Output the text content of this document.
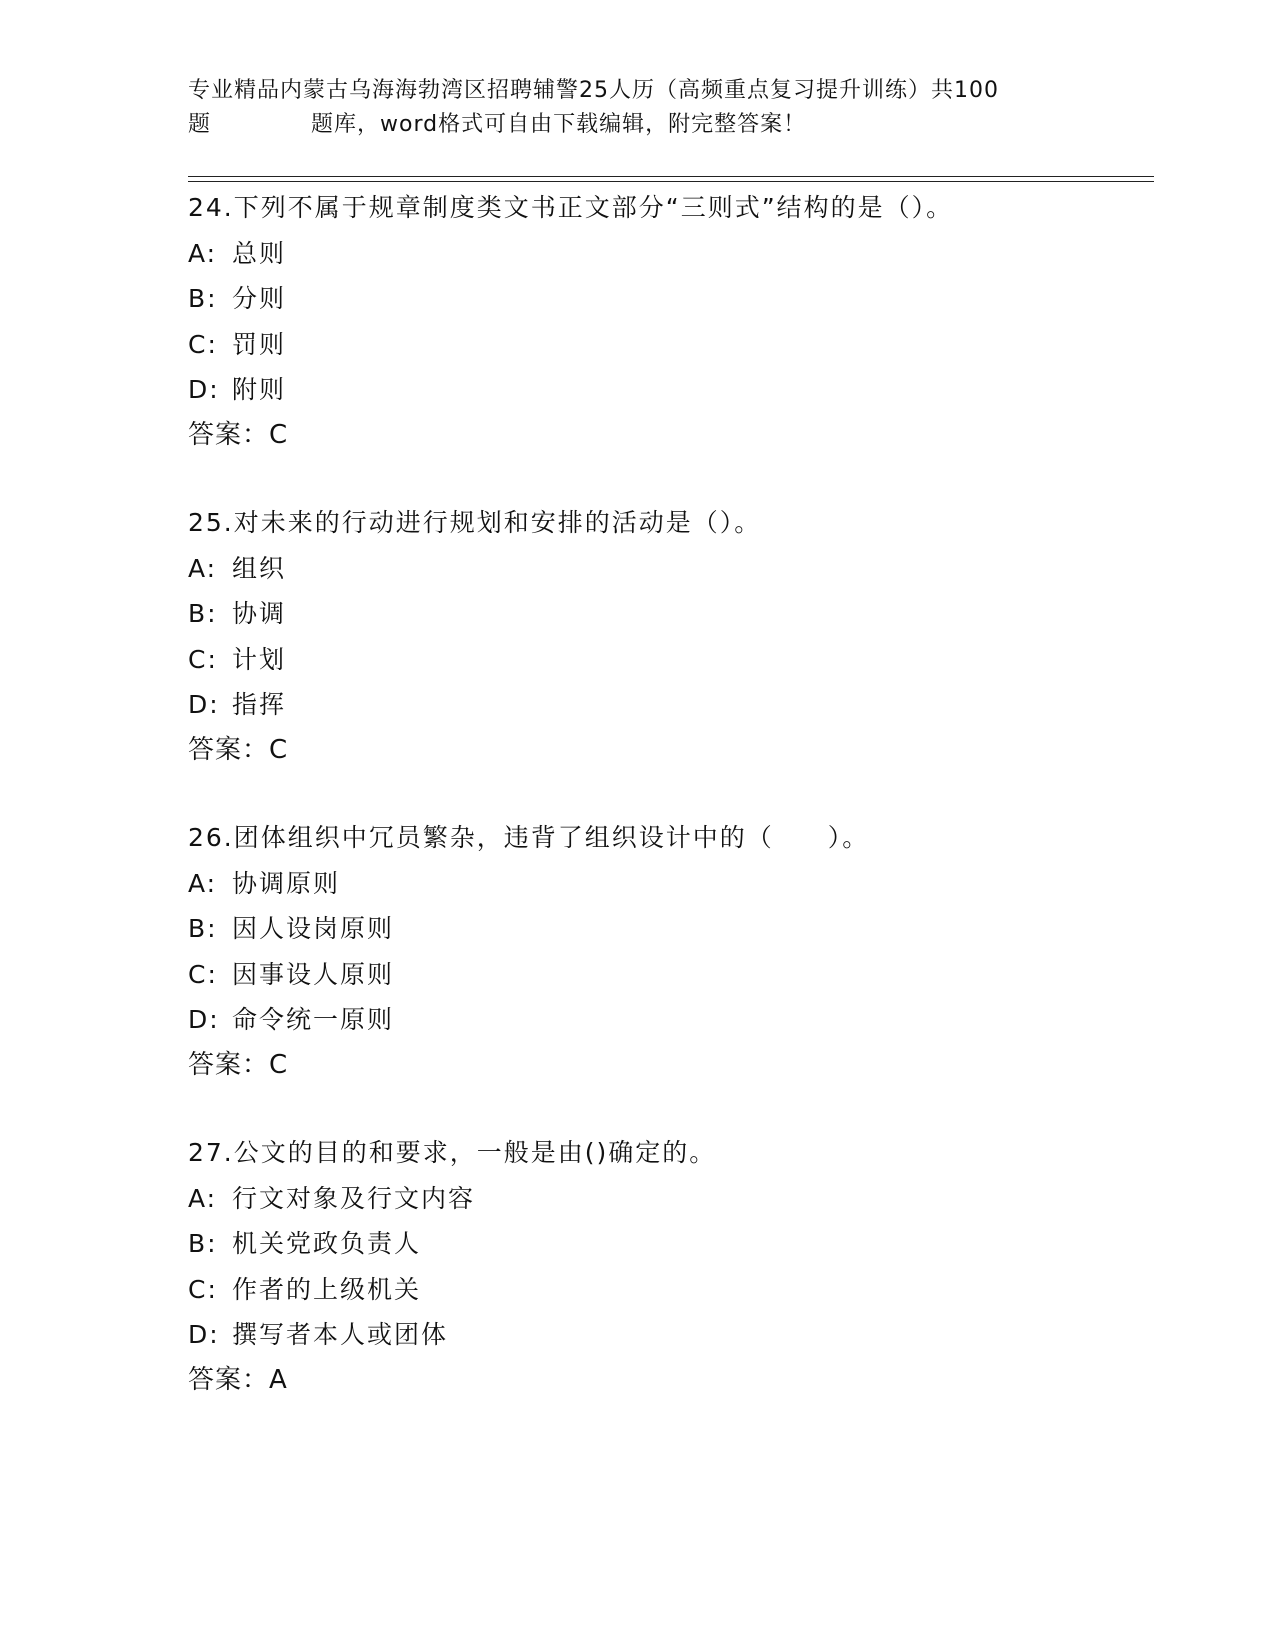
专业精品内蒙古乌海海勃湾区招聘辅警25人历（高频重点复习提升训练）共100
题	题库，word格式可自由下载编辑，附完整答案！
24.下列不属于规章制度类文书正文部分“三则式”结构的是（）。
A: 总则
B: 分则
C: 罚则
D: 附则
答案：C
25.对未来的行动进行规划和安排的活动是（）。
A: 组织
B: 协调
C: 计划
D: 指挥
答案：C
26.团体组织中冗员繁杂，违背了组织设计中的（　　）。
A: 协调原则
B: 因人设岗原则
C: 因事设人原则
D: 命令统一原则
答案：C
27.公文的目的和要求，一般是由()确定的。
A: 行文对象及行文内容
B: 机关党政负责人
C: 作者的上级机关
D: 撰写者本人或团体
答案：A
